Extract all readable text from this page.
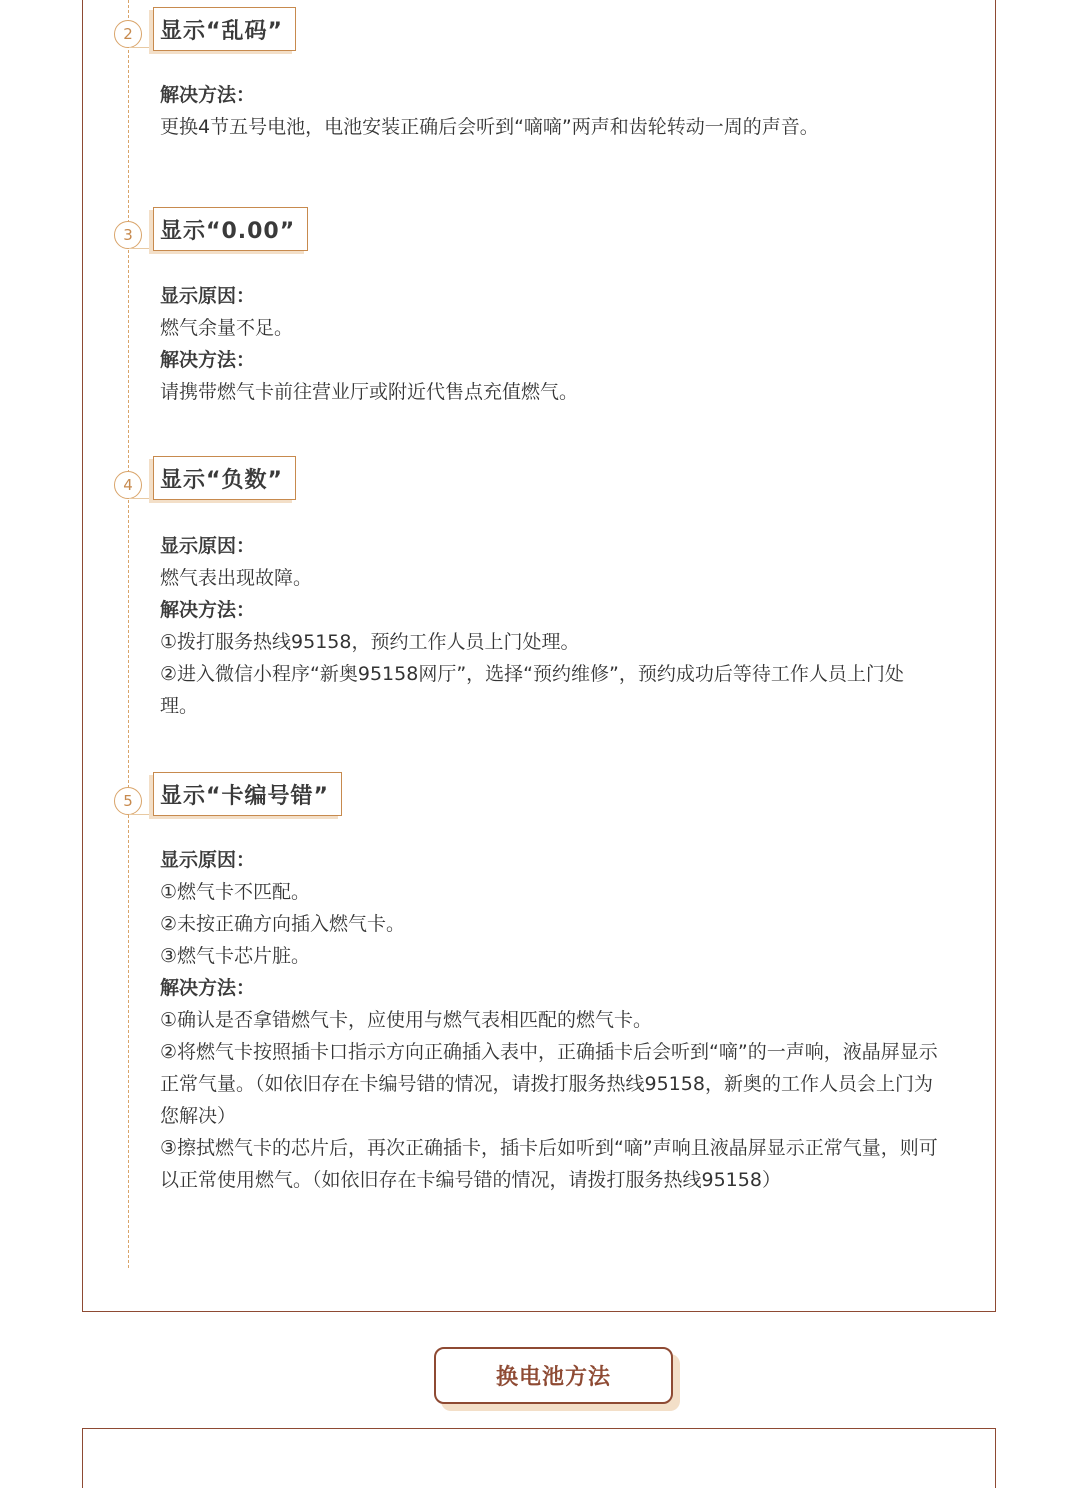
2	显示“乱码”

解决方法：

更换4节五号电池，电池安装正确后会听到“嘀嘀”两声和齿轮转动一周的声音。

3	显示“0.00”

显示原因：

燃气余量不足。

解决方法：

请携带燃气卡前往营业厅或附近代售点充值燃气。

4	显示“负数”

显示原因：

燃气表出现故障。

解决方法：

①拨打服务热线95158，预约工作人员上门处理。

②进入微信小程序“新奥95158网厅”，选择“预约维修”，预约成功后等待工作人员上门处理。

5	显示“卡编号错”

显示原因：

①燃气卡不匹配。

②未按正确方向插入燃气卡。

③燃气卡芯片脏。

解决方法：

①确认是否拿错燃气卡，应使用与燃气表相匹配的燃气卡。

②将燃气卡按照插卡口指示方向正确插入表中，正确插卡后会听到“嘀”的一声响，液晶屏显示正常气量。（如依旧存在卡编号错的情况，请拨打服务热线95158，新奥的工作人员会上门为您解决）

③擦拭燃气卡的芯片后，再次正确插卡，插卡后如听到“嘀”声响且液晶屏显示正常气量，则可以正常使用燃气。（如依旧存在卡编号错的情况，请拨打服务热线95158）

换电池方法
